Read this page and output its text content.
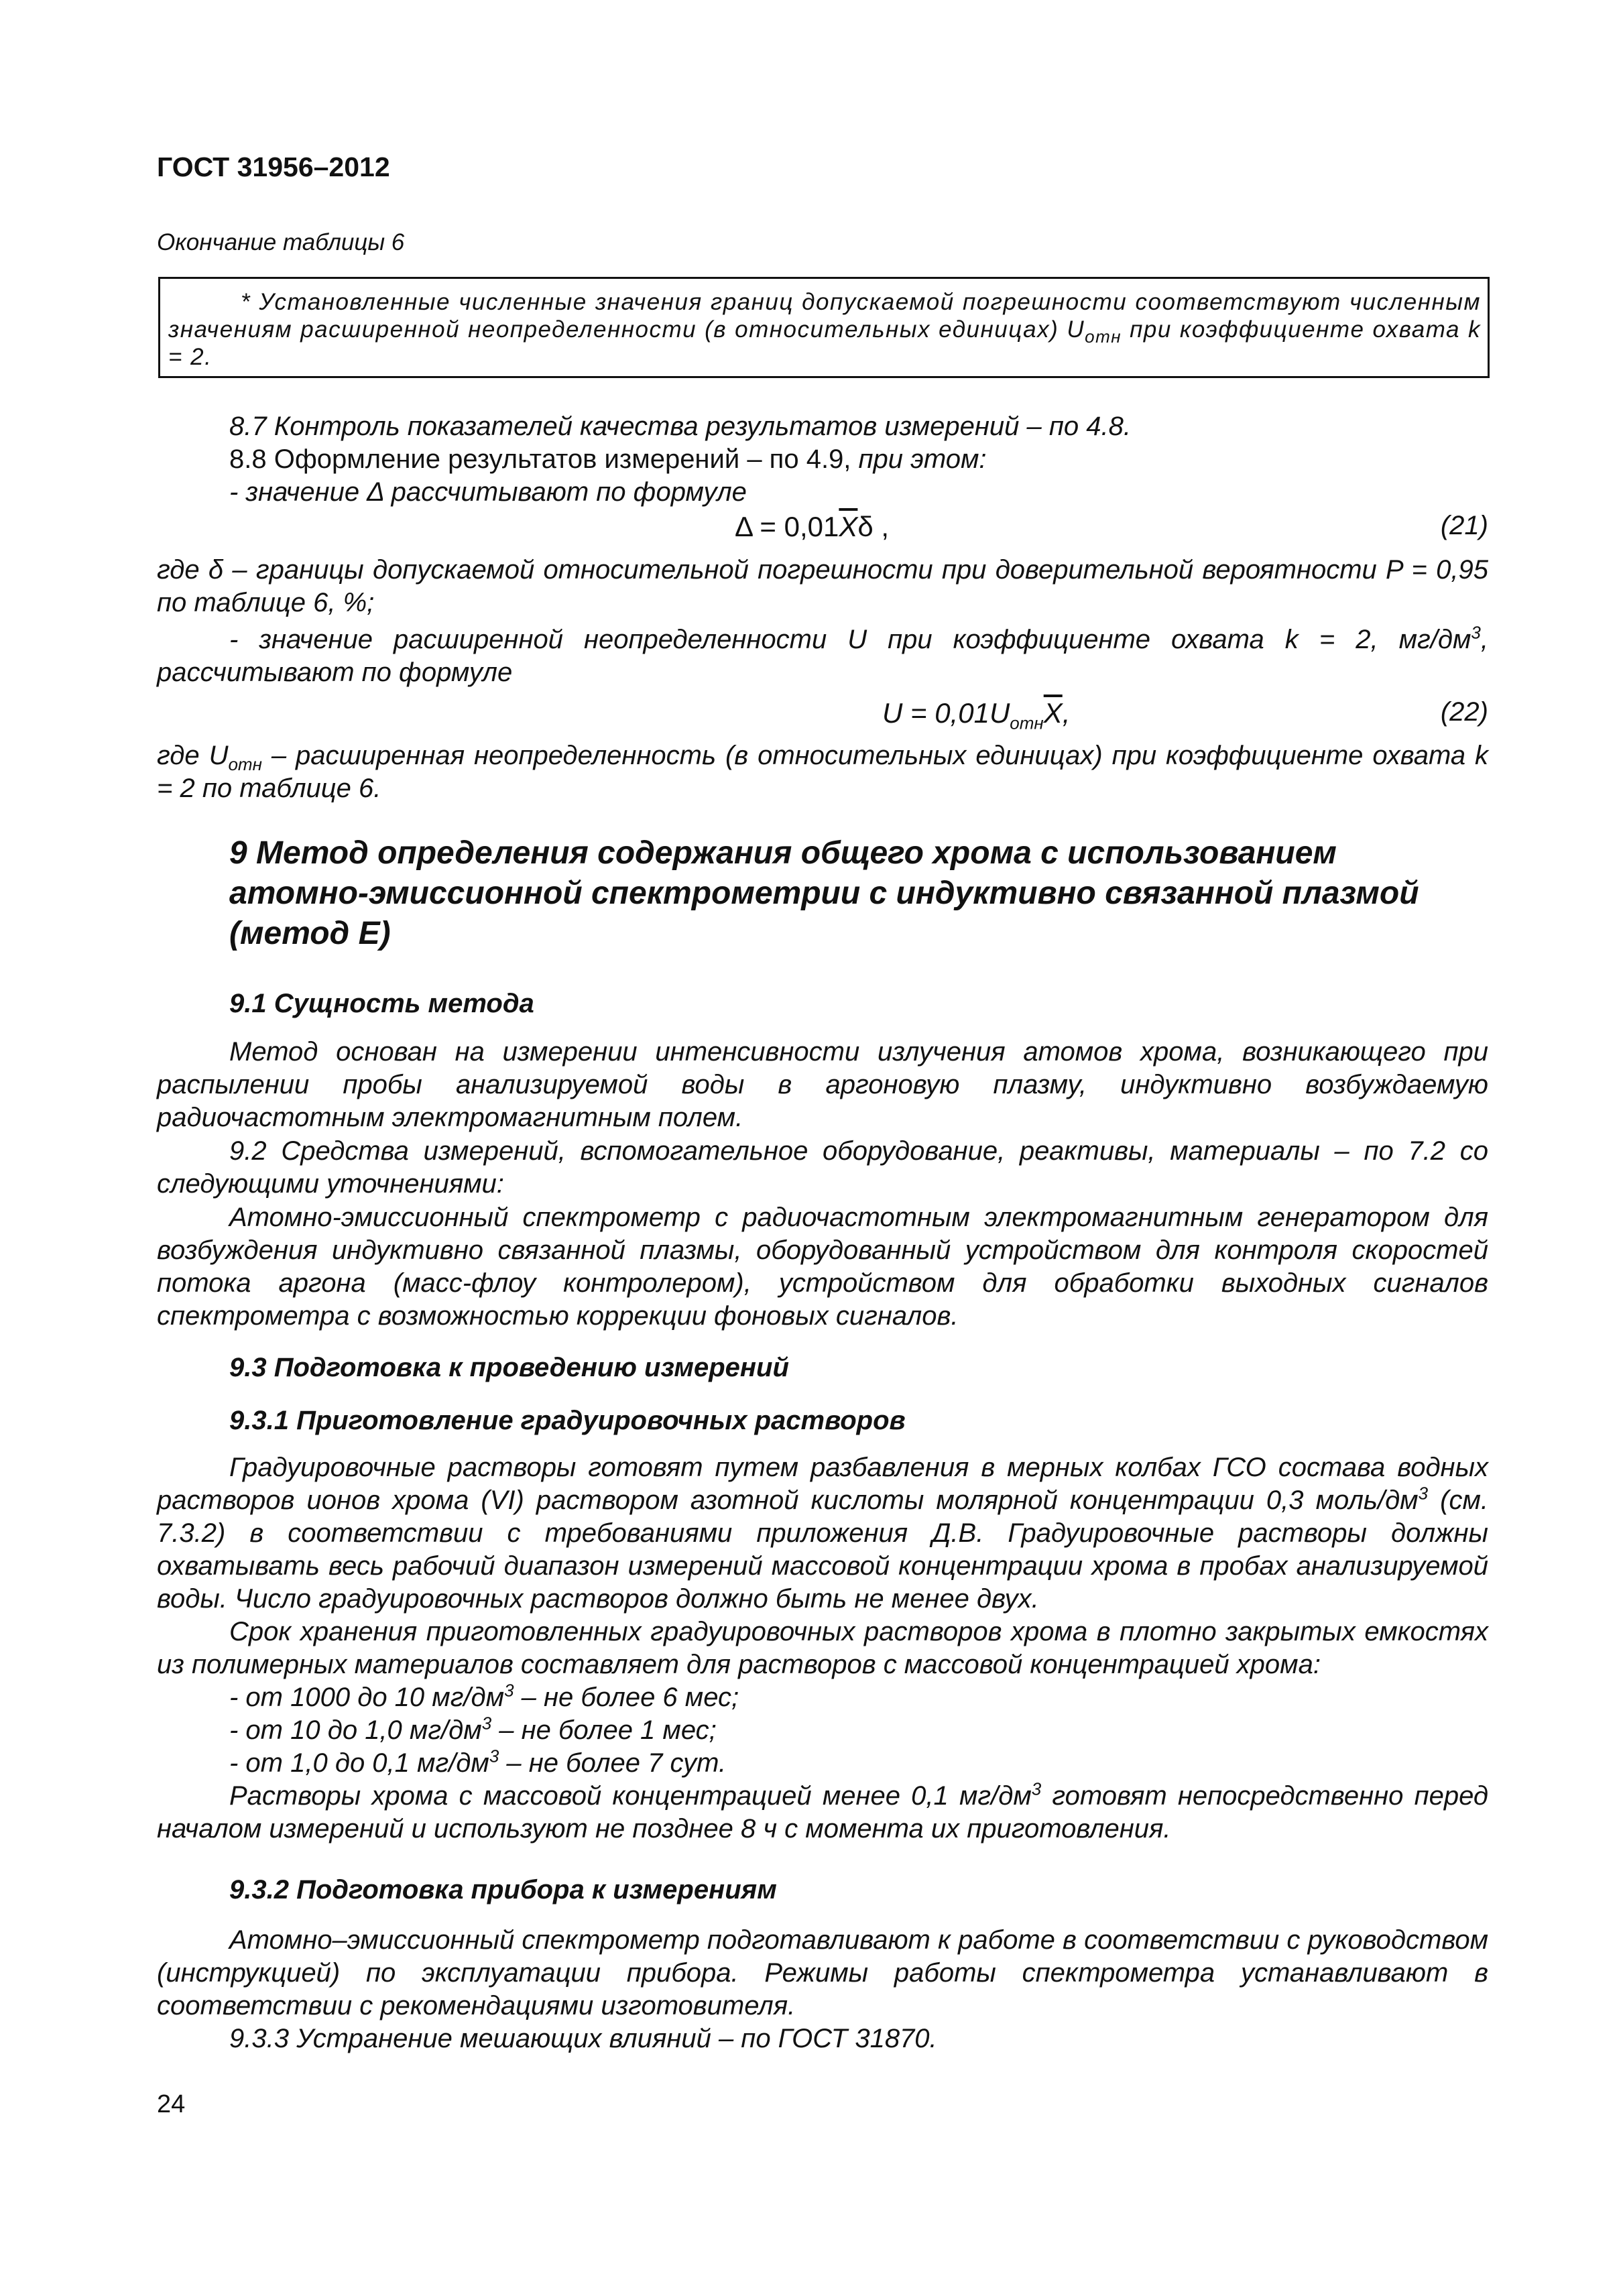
ГОСТ 31956–2012
Окончание таблицы 6
* Установленные численные значения границ допускаемой погрешности соответствуют численным значениям расширенной неопределенности (в относительных единицах) $U_{отн}$ при коэффициенте охвата k = 2.
8.7 Контроль показателей качества результатов измерений – по 4.8.
8.8 Оформление результатов измерений – по 4.9, при этом:
- значение Δ рассчитывают по формуле
$\Delta = 0,01\overline{X}\delta$ ,	(21)
где δ – границы допускаемой относительной погрешности при доверительной вероятности P = 0,95 по таблице 6, %;
- значение расширенной неопределенности U при коэффициенте охвата k = 2, $мг/дм^3$, рассчитывают по формуле
$U = 0,01U_{отн}\overline{X}$,	(22)
где $U_{отн}$ – расширенная неопределенность (в относительных единицах) при коэффициенте охвата k = 2 по таблице 6.
9 Метод определения содержания общего хрома с использованием
атомно-эмиссионной спектрометрии с индуктивно связанной плазмой
(метод Е)
9.1 Сущность метода
Метод основан на измерении интенсивности излучения атомов хрома, возникающего при распылении пробы анализируемой воды в аргоновую плазму, индуктивно возбуждаемую радиочастотным электромагнитным полем.
9.2 Средства измерений, вспомогательное оборудование, реактивы, материалы – по 7.2 со следующими уточнениями:
Атомно-эмиссионный спектрометр с радиочастотным электромагнитным генератором для возбуждения индуктивно связанной плазмы, оборудованный устройством для контроля скоростей потока аргона (масс-флоу контролером), устройством для обработки выходных сигналов спектрометра с возможностью коррекции фоновых сигналов.
9.3 Подготовка к проведению измерений
9.3.1 Приготовление градуировочных растворов
Градуировочные растворы готовят путем разбавления в мерных колбах ГСО состава водных растворов ионов хрома (VI) раствором азотной кислоты молярной концентрации 0,3 моль/$дм^3$ (см. 7.3.2) в соответствии с требованиями приложения Д.В. Градуировочные растворы должны охватывать весь рабочий диапазон измерений массовой концентрации хрома в пробах анализируемой воды. Число градуировочных растворов должно быть не менее двух.
Срок хранения приготовленных градуировочных растворов хрома в плотно закрытых емкостях из полимерных материалов составляет для растворов с массовой концентрацией хрома:
- от 1000 до 10 $мг/дм^3$ – не более 6 мес;
- от 10 до 1,0 $мг/дм^3$ – не более 1 мес;
- от 1,0 до 0,1 $мг/дм^3$ – не более 7 сут.
Растворы хрома с массовой концентрацией менее 0,1 $мг/дм^3$ готовят непосредственно перед началом измерений и используют не позднее 8 ч с момента их приготовления.
9.3.2 Подготовка прибора к измерениям
Атомно–эмиссионный спектрометр подготавливают к работе в соответствии с руководством (инструкцией) по эксплуатации прибора. Режимы работы спектрометра устанавливают в соответствии с рекомендациями изготовителя.
9.3.3 Устранение мешающих влияний – по ГОСТ 31870.
24
